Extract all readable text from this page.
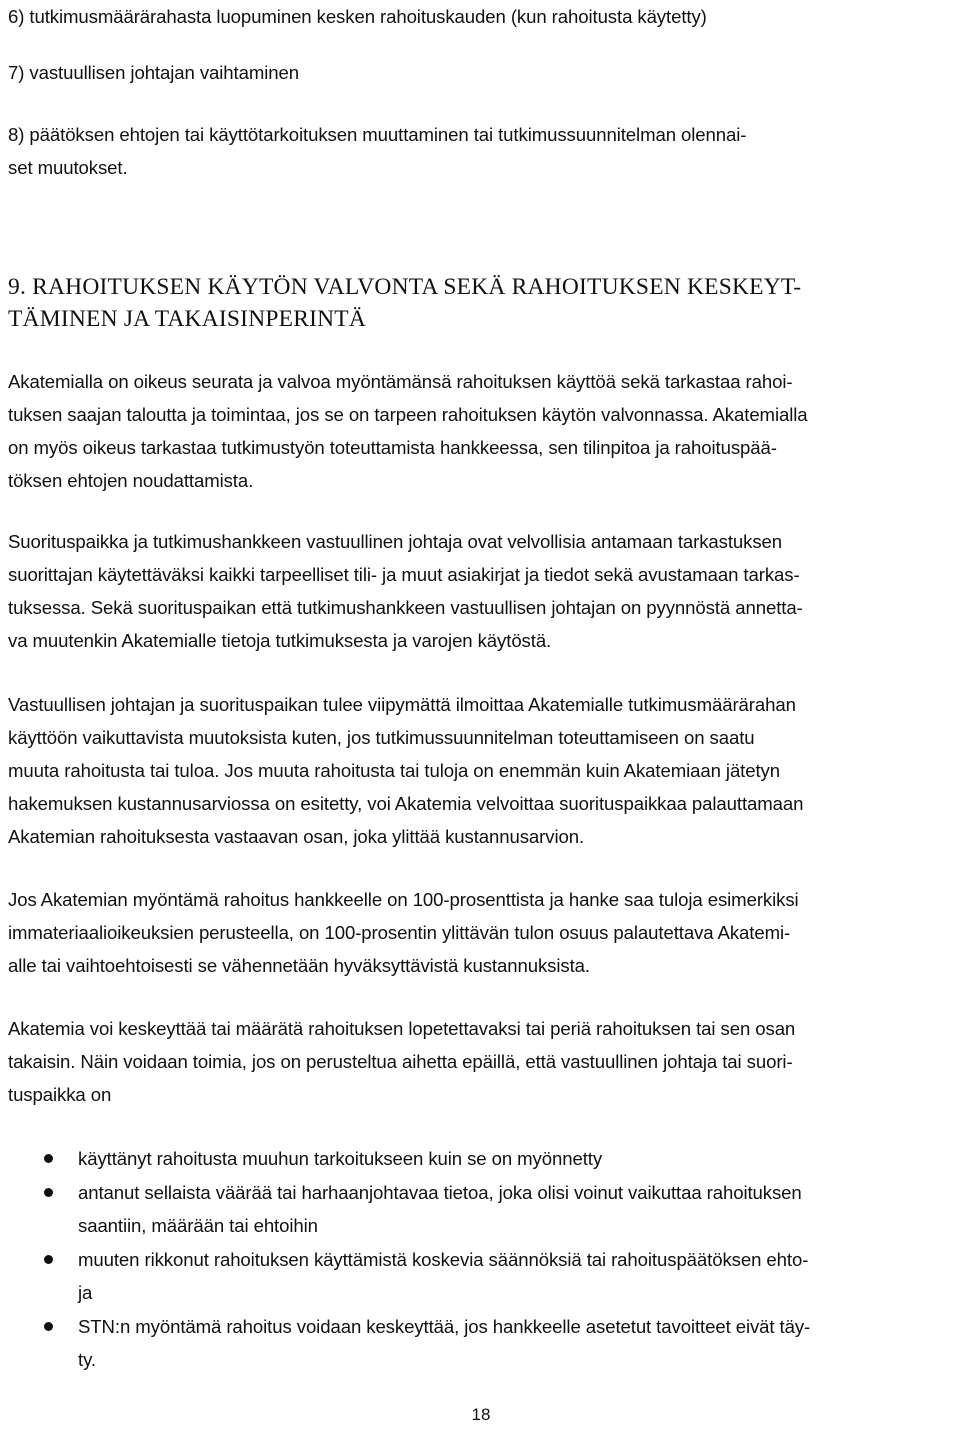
6) tutkimusmäärärahasta luopuminen kesken rahoituskauden (kun rahoitusta käytetty)
7) vastuullisen johtajan vaihtaminen
8) päätöksen ehtojen tai käyttötarkoituksen muuttaminen tai tutkimussuunnitelman olennai-
set muutokset.
9. RAHOITUKSEN KÄYTÖN VALVONTA SEKÄ RAHOITUKSEN KESKEYT-
TÄMINEN JA TAKAISINPERINTÄ
Akatemialla on oikeus seurata ja valvoa myöntämänsä rahoituksen käyttöä sekä tarkastaa rahoi-
tuksen saajan taloutta ja toimintaa, jos se on tarpeen rahoituksen käytön valvonnassa. Akatemialla
on myös oikeus tarkastaa tutkimustyön toteuttamista hankkeessa, sen tilinpitoa ja rahoituspää-
töksen ehtojen noudattamista.
Suorituspaikka ja tutkimushankkeen vastuullinen johtaja ovat velvollisia antamaan tarkastuksen
suorittajan käytettäväksi kaikki tarpeelliset tili- ja muut asiakirjat ja tiedot sekä avustamaan tarkas-
tuksessa. Sekä suorituspaikan että tutkimushankkeen vastuullisen johtajan on pyynnöstä annetta-
va muutenkin Akatemialle tietoja tutkimuksesta ja varojen käytöstä.
Vastuullisen johtajan ja suorituspaikan tulee viipymättä ilmoittaa Akatemialle tutkimusmäärärahan
käyttöön vaikuttavista muutoksista kuten, jos tutkimussuunnitelman toteuttamiseen on saatu
muuta rahoitusta tai tuloa. Jos muuta rahoitusta tai tuloja on enemmän kuin Akatemiaan jätetyn
hakemuksen kustannusarviossa on esitetty, voi Akatemia velvoittaa suorituspaikkaa palauttamaan
Akatemian rahoituksesta vastaavan osan, joka ylittää kustannusarvion.
Jos Akatemian myöntämä rahoitus hankkeelle on 100-prosenttista ja hanke saa tuloja esimerkiksi
immateriaalioikeuksien perusteella, on 100-prosentin ylittävän tulon osuus palautettava Akatemi-
alle tai vaihtoehtoisesti se vähennetään hyväksyttävistä kustannuksista.
Akatemia voi keskeyttää tai määrätä rahoituksen lopetettavaksi tai periä rahoituksen tai sen osan
takaisin. Näin voidaan toimia, jos on perusteltua aihetta epäillä, että vastuullinen johtaja tai suori-
tuspaikka on
käyttänyt rahoitusta muuhun tarkoitukseen kuin se on myönnetty
antanut sellaista väärää tai harhaanjohtavaa tietoa, joka olisi voinut vaikuttaa rahoituksen
saantiin, määrään tai ehtoihin
muuten rikkonut rahoituksen käyttämistä koskevia säännöksiä tai rahoituspäätöksen ehto-
ja
STN:n myöntämä rahoitus voidaan keskeyttää, jos hankkeelle asetetut tavoitteet eivät täy-
ty.
18
